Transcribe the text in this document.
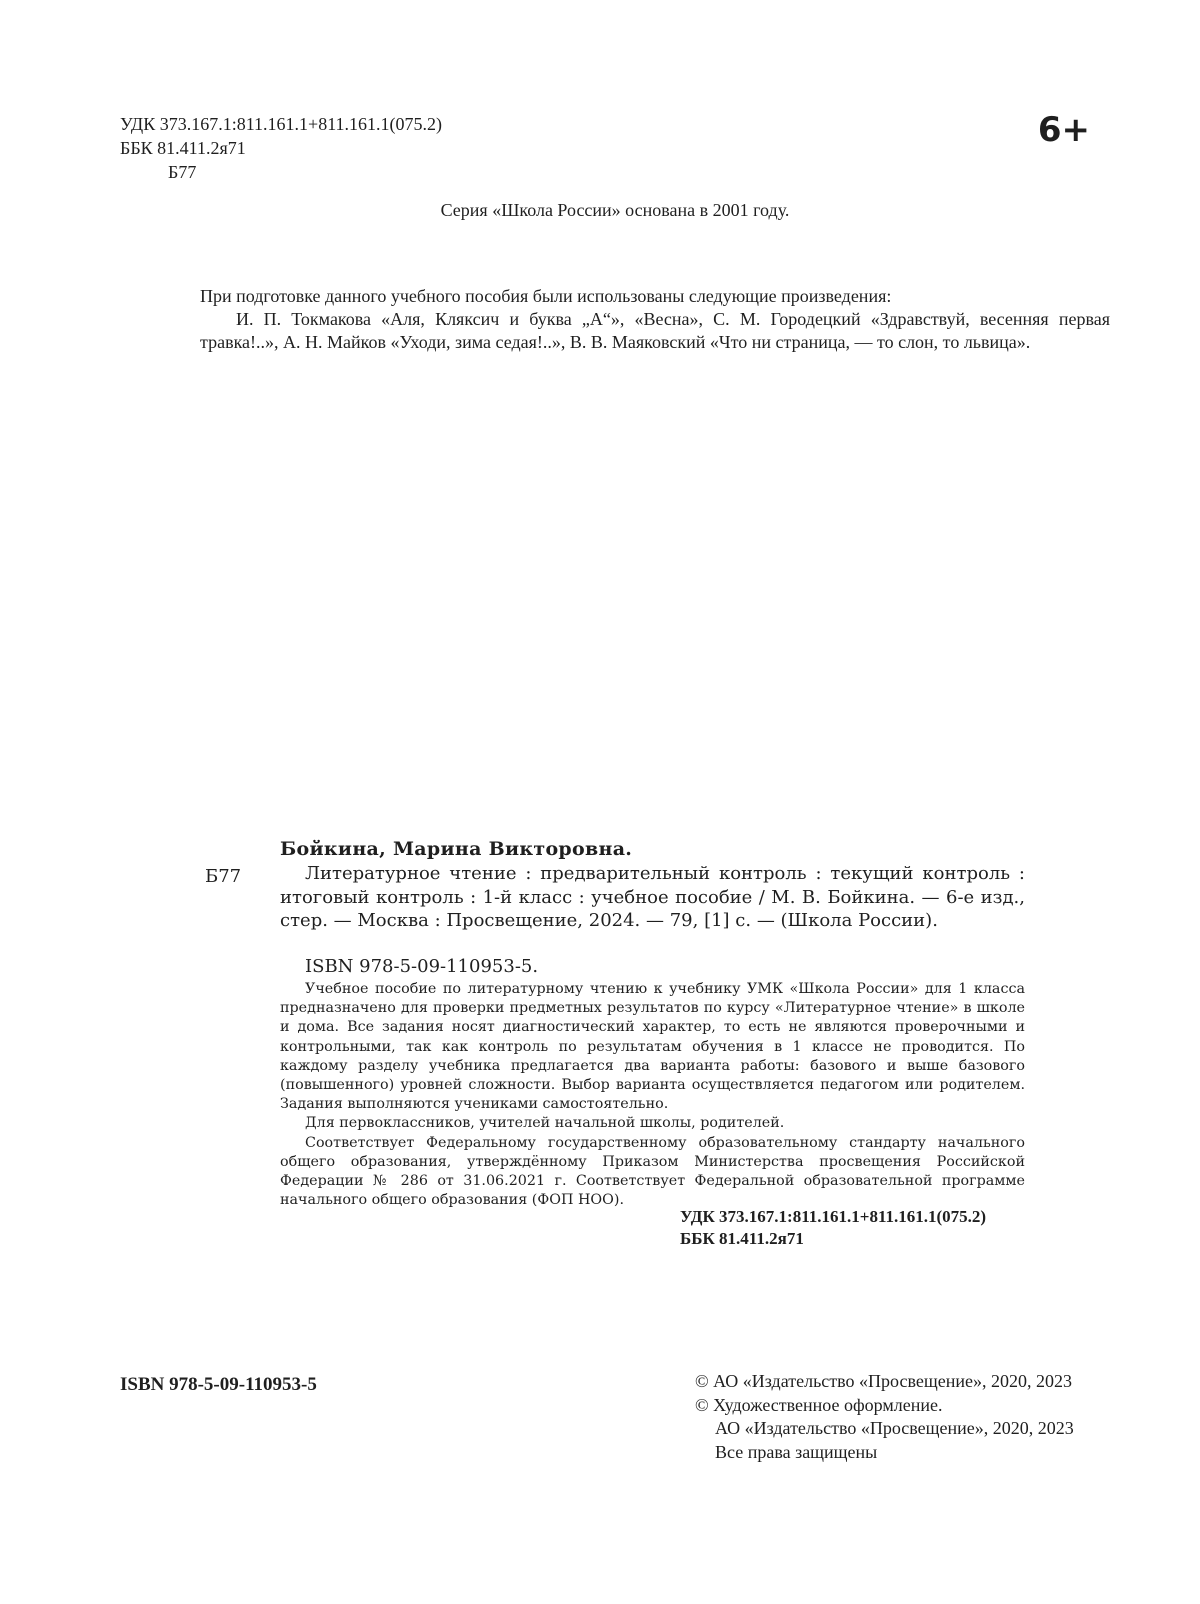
УДК 373.167.1:811.161.1+811.161.1(075.2)
ББК 81.411.2я71
Б77
6+
Серия «Школа России» основана в 2001 году.

При подготовке данного учебного пособия были использованы следующие произведения:

И. П. Токмакова «Аля, Кляксич и буква „А“», «Весна», С. М. Городецкий «Здравствуй, весенняя первая травка!..», А. Н. Майков «Уходи, зима седая!..», В. В. Маяковский «Что ни страница, — то слон, то львица».

Бойкина, Марина Викторовна.
Б77	Литературное чтение : предварительный контроль : текущий контроль : итоговый контроль : 1-й класс : учебное пособие / М. В. Бойкина. — 6-е изд., стер. — Москва : Просвещение, 2024. — 79, [1] с. — (Школа России).

ISBN 978-5-09-110953-5.

Учебное пособие по литературному чтению к учебнику УМК «Школа России» для 1 класса предназначено для проверки предметных результатов по курсу «Литературное чтение» в школе и дома. Все задания носят диагностический характер, то есть не являются проверочными и контрольными, так как контроль по результатам обучения в 1 классе не проводится. По каждому разделу учебника предлагается два варианта работы: базового и выше базового (повышенного) уровней сложности. Выбор варианта осуществляется педагогом или родителем. Задания выполняются учениками самостоятельно.

Для первоклассников, учителей начальной школы, родителей.

Соответствует Федеральному государственному образовательному стандарту начального общего образования, утверждённому Приказом Министерства просвещения Российской Федерации № 286 от 31.06.2021 г. Соответствует Федеральной образовательной программе начального общего образования (ФОП НОО).

УДК 373.167.1:811.161.1+811.161.1(075.2)
ББК 81.411.2я71
ISBN 978-5-09-110953-5	© АО «Издательство «Просвещение», 2020, 2023
© Художественное оформление.
АО «Издательство «Просвещение», 2020, 2023
Все права защищены
